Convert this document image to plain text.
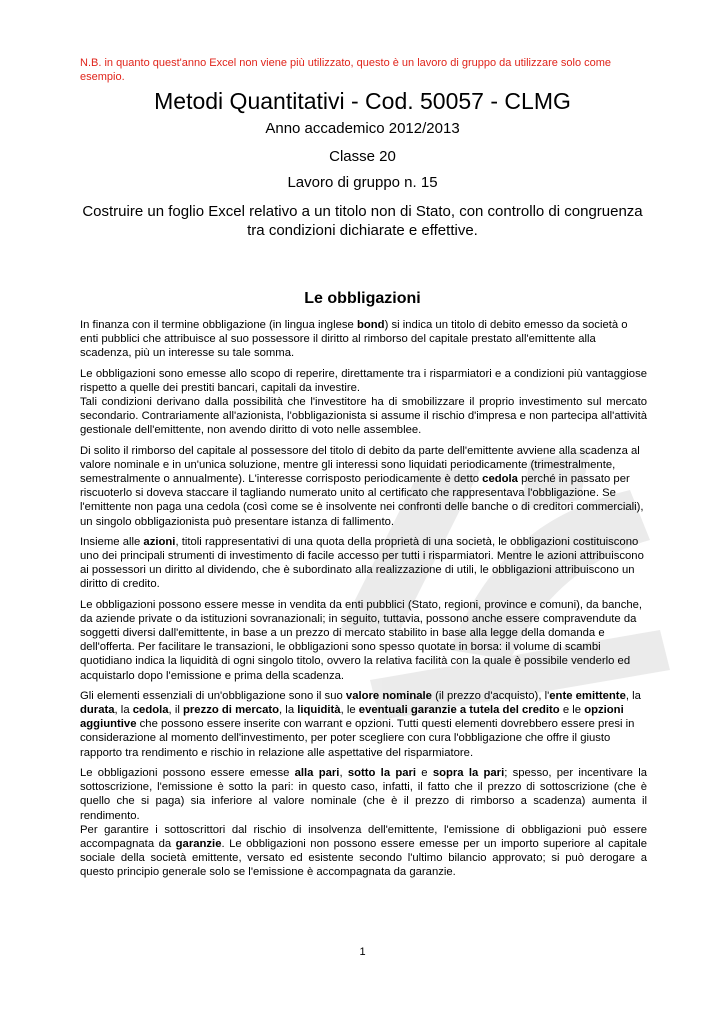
N.B. in quanto quest'anno Excel non viene più utilizzato, questo è un lavoro di gruppo da utilizzare solo come esempio.
Metodi Quantitativi - Cod. 50057 - CLMG
Anno accademico 2012/2013
Classe 20
Lavoro di gruppo n. 15
Costruire un foglio Excel relativo a un titolo non di Stato, con controllo di congruenza tra condizioni dichiarate e effettive.
Le obbligazioni

In finanza con il termine obbligazione (in lingua inglese bond) si indica un titolo di debito emesso da società o enti pubblici che attribuisce al suo possessore il diritto al rimborso del capitale prestato all'emittente alla scadenza, più un interesse su tale somma.

Le obbligazioni sono emesse allo scopo di reperire, direttamente tra i risparmiatori e a condizioni più vantaggiose rispetto a quelle dei prestiti bancari, capitali da investire.

Tali condizioni derivano dalla possibilità che l'investitore ha di smobilizzare il proprio investimento sul mercato secondario. Contrariamente all'azionista, l'obbligazionista si assume il rischio d'impresa e non partecipa all'attività gestionale dell'emittente, non avendo diritto di voto nelle assemblee.

Di solito il rimborso del capitale al possessore del titolo di debito da parte dell'emittente avviene alla scadenza al valore nominale e in un'unica soluzione, mentre gli interessi sono liquidati periodicamente (trimestralmente, semestralmente o annualmente). L'interesse corrisposto periodicamente è detto cedola perché in passato per riscuoterlo si doveva staccare il tagliando numerato unito al certificato che rappresentava l'obbligazione. Se l'emittente non paga una cedola (così come se è insolvente nei confronti delle banche o di creditori commerciali), un singolo obbligazionista può presentare istanza di fallimento.

Insieme alle azioni, titoli rappresentativi di una quota della proprietà di una società, le obbligazioni costituiscono uno dei principali strumenti di investimento di facile accesso per tutti i risparmiatori. Mentre le azioni attribuiscono ai possessori un diritto al dividendo, che è subordinato alla realizzazione di utili, le obbligazioni attribuiscono un diritto di credito.

Le obbligazioni possono essere messe in vendita da enti pubblici (Stato, regioni, province e comuni), da banche, da aziende private o da istituzioni sovranazionali; in seguito, tuttavia, possono anche essere compravendute da soggetti diversi dall'emittente, in base a un prezzo di mercato stabilito in base alla legge della domanda e dell'offerta. Per facilitare le transazioni, le obbligazioni sono spesso quotate in borsa: il volume di scambi quotidiano indica la liquidità di ogni singolo titolo, ovvero la relativa facilità con la quale è possibile venderlo ed acquistarlo dopo l'emissione e prima della scadenza.

Gli elementi essenziali di un'obbligazione sono il suo valore nominale (il prezzo d'acquisto), l'ente emittente, la durata, la cedola, il prezzo di mercato, la liquidità, le eventuali garanzie a tutela del credito e le opzioni aggiuntive che possono essere inserite con warrant e opzioni. Tutti questi elementi dovrebbero essere presi in considerazione al momento dell'investimento, per poter scegliere con cura l'obbligazione che offre il giusto rapporto tra rendimento e rischio in relazione alle aspettative del risparmiatore.

Le obbligazioni possono essere emesse alla pari, sotto la pari e sopra la pari; spesso, per incentivare la sottoscrizione, l'emissione è sotto la pari: in questo caso, infatti, il fatto che il prezzo di sottoscrizione (che è quello che si paga) sia inferiore al valore nominale (che è il prezzo di rimborso a scadenza) aumenta il rendimento.

Per garantire i sottoscrittori dal rischio di insolvenza dell'emittente, l'emissione di obbligazioni può essere accompagnata da garanzie. Le obbligazioni non possono essere emesse per un importo superiore al capitale sociale della società emittente, versato ed esistente secondo l'ultimo bilancio approvato; si può derogare a questo principio generale solo se l'emissione è accompagnata da garanzie.

1
